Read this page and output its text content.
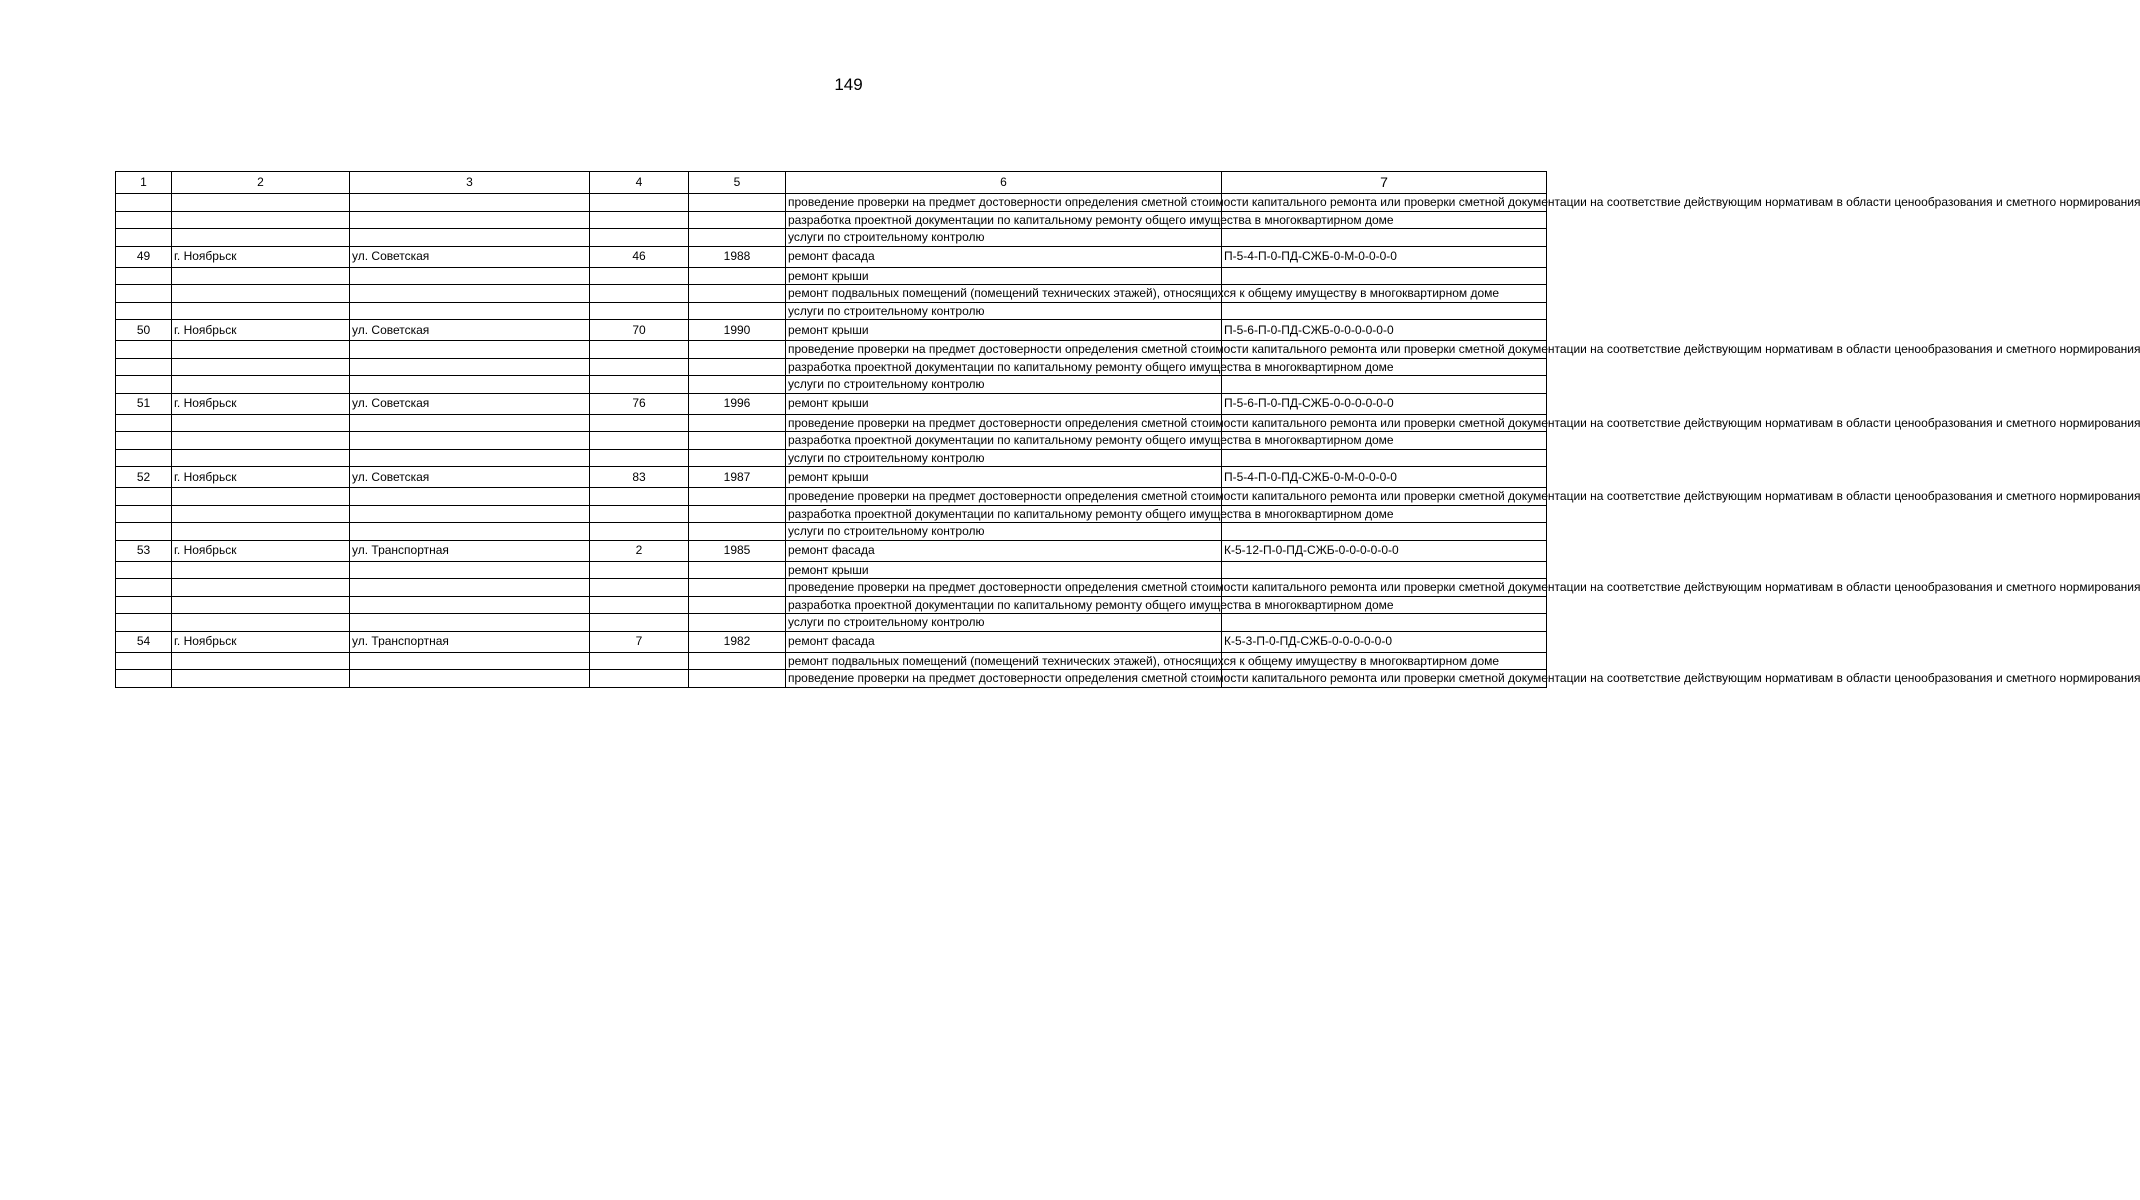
149
1	2	3	4	5	6	7
					проведение проверки на предмет достоверности определения сметной стоимости капитального ремонта или проверки сметной документации на соответствие действующим нормативам в области ценообразования и сметного нормирования	
					разработка проектной документации по капитальному ремонту общего имущества в многоквартирном доме	
					услуги по строительному контролю	
49	г. Ноябрьск	ул. Советская	46	1988	ремонт фасада	П-5-4-П-0-ПД-СЖБ-0-М-0-0-0-0
					ремонт крыши	
					ремонт подвальных помещений (помещений технических этажей), относящихся к общему имуществу в многоквартирном доме	
					услуги по строительному контролю	
50	г. Ноябрьск	ул. Советская	70	1990	ремонт крыши	П-5-6-П-0-ПД-СЖБ-0-0-0-0-0-0
					проведение проверки на предмет достоверности определения сметной стоимости капитального ремонта или проверки сметной документации на соответствие действующим нормативам в области ценообразования и сметного нормирования	
					разработка проектной документации по капитальному ремонту общего имущества в многоквартирном доме	
					услуги по строительному контролю	
51	г. Ноябрьск	ул. Советская	76	1996	ремонт крыши	П-5-6-П-0-ПД-СЖБ-0-0-0-0-0-0
					проведение проверки на предмет достоверности определения сметной стоимости капитального ремонта или проверки сметной документации на соответствие действующим нормативам в области ценообразования и сметного нормирования	
					разработка проектной документации по капитальному ремонту общего имущества в многоквартирном доме	
					услуги по строительному контролю	
52	г. Ноябрьск	ул. Советская	83	1987	ремонт крыши	П-5-4-П-0-ПД-СЖБ-0-М-0-0-0-0
					проведение проверки на предмет достоверности определения сметной стоимости капитального ремонта или проверки сметной документации на соответствие действующим нормативам в области ценообразования и сметного нормирования	
					разработка проектной документации по капитальному ремонту общего имущества в многоквартирном доме	
					услуги по строительному контролю	
53	г. Ноябрьск	ул. Транспортная	2	1985	ремонт фасада	К-5-12-П-0-ПД-СЖБ-0-0-0-0-0-0
					ремонт крыши	
					проведение проверки на предмет достоверности определения сметной стоимости капитального ремонта или проверки сметной документации на соответствие действующим нормативам в области ценообразования и сметного нормирования	
					разработка проектной документации по капитальному ремонту общего имущества в многоквартирном доме	
					услуги по строительному контролю	
54	г. Ноябрьск	ул. Транспортная	7	1982	ремонт фасада	К-5-3-П-0-ПД-СЖБ-0-0-0-0-0-0
					ремонт подвальных помещений (помещений технических этажей), относящихся к общему имуществу в многоквартирном доме	
					проведение проверки на предмет достоверности определения сметной стоимости капитального ремонта или проверки сметной документации на соответствие действующим нормативам в области ценообразования и сметного нормирования	
